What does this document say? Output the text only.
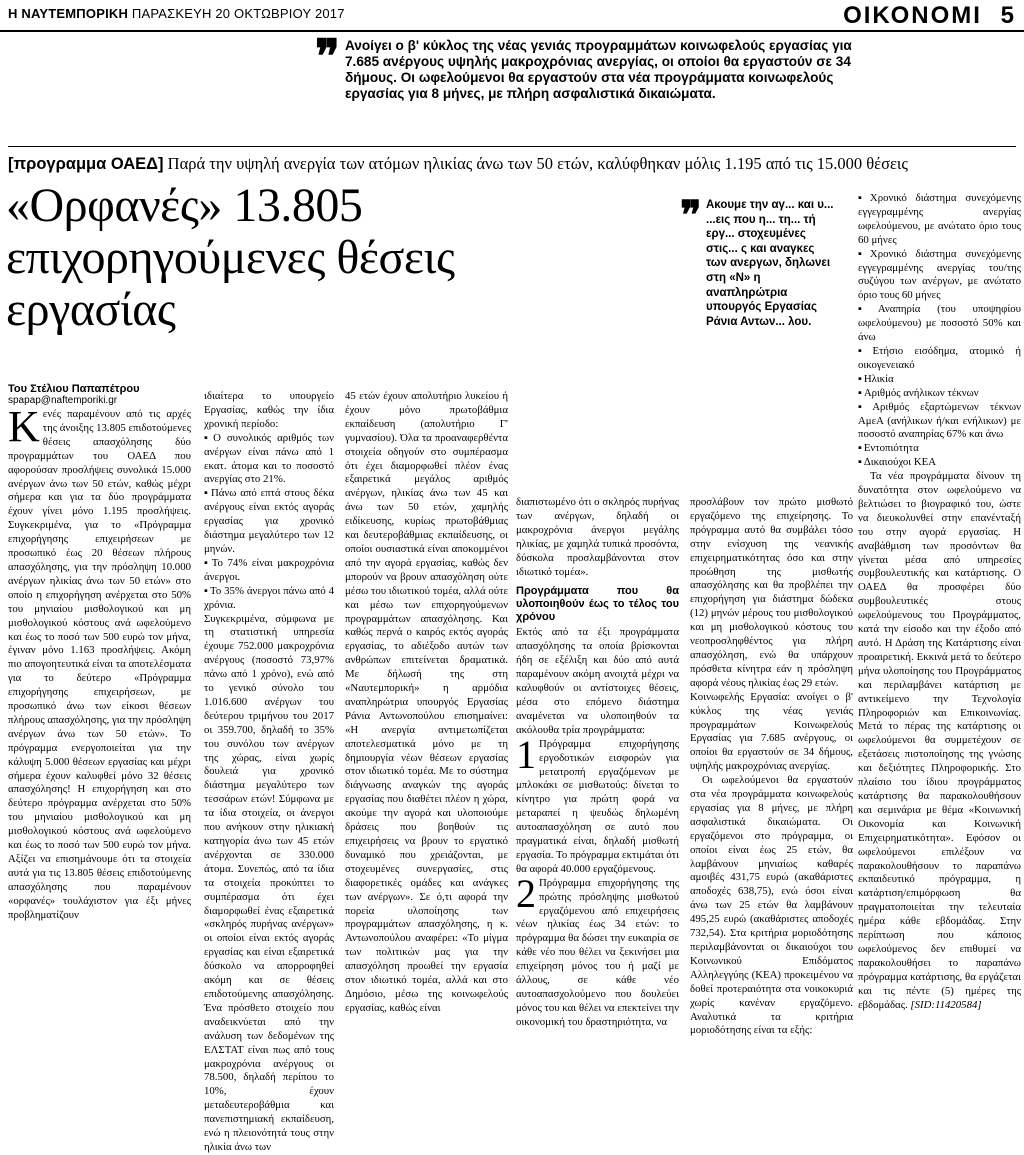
Η ΝΑΥΤΕΜΠΟΡΙΚΗ ΠΑΡΑΣΚΕΥΗ 20 ΟΚΤΩΒΡΙΟΥ 2017	ΟΙΚΟΝΟΜΙ 5
❞ Ανοίγει ο β' κύκλος της νέας γενιάς προγραμμάτων κοινωφελούς εργασίας για 7.685 ανέργους υψηλής μακροχρόνιας ανεργίας, οι οποίοι θα εργαστούν σε 34 δήμους. Οι ωφελούμενοι θα εργαστούν στα νέα προγράμματα κοινωφελούς εργασίας για 8 μήνες, με πλήρη ασφαλιστικά δικαιώματα.
[προγραμμα ΟΑΕΔ] Παρά την υψηλή ανεργία των ατόμων ηλικίας άνω των 50 ετών, καλύφθηκαν μόλις 1.195 από τις 15.000 θέσεις
«Ορφανές» 13.805 επιχορηγούμενες θέσεις εργασίας
Του Στέλιου Παπαπέτρου
spapap@naftemporiki.gr

Κ ενές παραμένουν από τις αρχές της άνοιξης 13.805 επιδοτούμενες θέσεις απασχόλησης δύο προγραμμάτων του ΟΑΕΔ που αφορούσαν προσλήψεις συνολικά 15.000 ανέργων άνω των 50 ετών, καθώς μέχρι σήμερα και για τα δύο προγράμματα έχουν γίνει μόνο 1.195 προσλήψεις. Συγκεκριμένα, για το «Πρόγραμμα επιχορήγησης επιχειρήσεων με προσωπικό έως 20 θέσεων πλήρους απασχόλησης, για την πρόσληψη 10.000 ανέργων ηλικίας άνω των 50 ετών» στο οποίο η επιχορήγηση ανέρχεται στο 50% του μηνιαίου μισθολογικού και μη μισθολογικού κόστους ανά ωφελούμενο και έως το ποσό των 500 ευρώ τον μήνα, έγιναν μόνο 1.163 προσλήψεις. Ακόμη πιο απογοητευτικά είναι τα αποτελέσματα για το δεύτερο «Πρόγραμμα επιχορήγησης επιχειρήσεων, με προσωπικό άνω των είκοσι θέσεων πλήρους απασχόλησης, για την πρόσληψη ανέργων άνω των 50 ετών». Το πρόγραμμα ενεργοποιείται για την κάλυψη 5.000 θέσεων εργασίας και μέχρι σήμερα έχουν καλυφθεί μόνο 32 θέσεις απασχόλησης! Η επιχορήγηση και στο δεύτερο πρόγραμμα ανέρχεται στο 50% του μηνιαίου μισθολογικού και μη μισθολογικού κόστους ανά ωφελούμενο και έως το ποσό των 500 ευρώ τον μήνα. Αξίζει να επισημάνουμε ότι τα στοιχεία αυτά για τις 13.805 θέσεις επιδοτούμενης απασχόλησης που παραμένουν «ορφανές» τουλάχιστον για έξι μήνες προβληματίζουν

ιδιαίτερα το υπουργείο Εργασίας, καθώς την ίδια χρονική περίοδο:

▪ Ο συνολικός αριθμός των ανέργων είναι πάνω από 1 εκατ. άτομα και το ποσοστό ανεργίας στο 21%.
▪ Πάνω από επτά στους δέκα ανέργους είναι εκτός αγοράς εργασίας για χρονικό διάστημα μεγαλύτερο των 12 μηνών.
▪ Το 74% είναι μακροχρόνια άνεργοι.
▪ Το 35% άνεργοι πάνω από 4 χρόνια.

Συγκεκριμένα, σύμφωνα με τη στατιστική υπηρεσία έχουμε 752.000 μακροχρόνια ανέργους (ποσοστό 73,97% πάνω από 1 χρόνο), ενώ από το γενικό σύνολο του 1.016.600 ανέργων του δεύτερου τριμήνου του 2017 οι 359.700, δηλαδή το 35% του συνόλου των ανέργων της χώρας, είναι χωρίς δουλειά για χρονικό διάστημα μεγαλύτερο των τεσσάρων ετών! Σύμφωνα με τα ίδια στοιχεία, οι άνεργοι που ανήκουν στην ηλικιακή κατηγορία άνω των 45 ετών ανέρχονται σε 330.000 άτομα. Συνεπώς, από τα ίδια τα στοιχεία προκύπτει το συμπέρασμα ότι έχει διαμορφωθεί ένας εξαιρετικά «σκληρός πυρήνας ανέργων» οι οποίοι είναι εκτός αγοράς εργασίας και είναι εξαιρετικά δύσκολο να απορροφηθεί ακόμη και σε θέσεις επιδοτούμενης απασχόλησης. Ένα πρόσθετο στοιχείο που αναδεικνύεται από την ανάλυση των δεδομένων της ΕΛΣΤΑΤ είναι πως από τους μακροχρόνια ανέργους οι 78.500, δηλαδή περίπου το 10%, έχουν μεταδευτεροβάθμια και πανεπιστημιακή εκπαίδευση, ενώ η πλειονότητά τους στην ηλικία άνω των

45 ετών έχουν απολυτήριο λυκείου ή έχουν μόνο πρωτοβάθμια εκπαίδευση (απολυτήριο Γ' γυμνασίου). Όλα τα προαναφερθέντα στοιχεία οδηγούν στο συμπέρασμα ότι έχει διαμορφωθεί πλέον ένας εξαιρετικά μεγάλος αριθμός ανέργων, ηλικίας άνω των 45 και άνω των 50 ετών, χαμηλής ειδίκευσης, κυρίως πρωτοβάθμιας και δευτεροβάθμιας εκπαίδευσης, οι οποίοι ουσιαστικά είναι αποκομμένοι από την αγορά εργασίας, καθώς δεν μπορούν να βρουν απασχόληση ούτε μέσω του ιδιωτικού τομέα, αλλά ούτε και μέσω των επιχορηγούμενων προγραμμάτων απασχόλησης. Και καθώς περνά ο καιρός εκτός αγοράς εργασίας, το αδιέξοδο αυτών των ανθρώπων επιτείνεται δραματικά. Με δήλωσή της στη «Ναυτεμπορική» η αρμόδια αναπληρώτρια υπουργός Εργασίας Ράνια Αντωνοπούλου επισημαίνει: «Η ανεργία αντιμετωπίζεται αποτελεσματικά μόνο με τη δημιουργία νέων θέσεων εργασίας στον ιδιωτικό τομέα. Με το σύστημα διάγνωσης αναγκών της αγοράς εργασίας που διαθέτει πλέον η χώρα, ακούμε την αγορά και υλοποιούμε δράσεις που βοηθούν τις επιχειρήσεις να βρουν το εργατικό δυναμικό που χρειάζονται, με στοχευμένες συνεργασίες, στις διαφορετικές ομάδες και ανάγκες των ανέργων». Σε ό,τι αφορά την πορεία υλοποίησης των προγραμμάτων απασχόλησης, η κ. Αντωνοπούλου αναφέρει: «Το μίγμα των πολιτικών μας για την απασχόληση προωθεί την εργασία στον ιδιωτικό τομέα, αλλά και στο Δημόσιο, μέσω της κοινωφελούς εργασίας, καθώς είναι

❞ Ακουμε την αγ... και υ... ...εις που η... τη... τή εργ... στοχευμένες στις... ς και αναγκες των ανεργων, δηλωνει στη «Ν» η αναπληρώτρια υπουργός Εργασίας Ράνια Αντων... λου.

διαπιστωμένο ότι ο σκληρός πυρήνας των ανέργων, δηλαδή οι μακροχρόνια άνεργοι μεγάλης ηλικίας, με χαμηλά τυπικά προσόντα, δύσκολα προσλαμβάνονται στον ιδιωτικό τομέα».

Προγράμματα που θα υλοποιηθούν έως το τέλος του χρόνου

Εκτός από τα έξι προγράμματα απασχόλησης τα οποία βρίσκονται ήδη σε εξέλιξη και δύο από αυτά παραμένουν ακόμη ανοιχτά μέχρι να καλυφθούν οι αντίστοιχες θέσεις, μέσα στο επόμενο διάστημα αναμένεται να υλοποιηθούν τα ακόλουθα τρία προγράμματα:

1 Πρόγραμμα επιχορήγησης εργοδοτικών εισφορών για μετατροπή εργαζόμενων με μπλοκάκι σε μισθωτούς: δίνεται το κίνητρο για πρώτη φορά να μεταραπεί η ψευδώς δηλωμένη αυτοαπασχόληση σε αυτό που πραγματικά είναι, δηλαδή μισθωτή εργασία. Το πρόγραμμα εκτιμάται ότι θα αφορά 40.000 εργαζόμενους.

2 Πρόγραμμα επιχορήγησης της πρώτης πρόσληψης μισθωτού εργαζόμενου από επιχειρήσεις νέων ηλικίας έως 34 ετών: το πρόγραμμα θα δώσει την ευκαιρία σε κάθε νέο που θέλει να ξεκινήσει μια επιχείρηση μόνος του ή μαζί με άλλους, σε κάθε νέο αυτοαπασχολούμενο που δουλεύει μόνος του και θέλει να επεκτείνει την οικονομική του δραστηριότητα, να

προσλάβουν τον πρώτο μισθωτό εργαζόμενο της επιχείρησης. Το πρόγραμμα αυτό θα συμβάλει τόσο στην ενίσχυση της νεανικής επιχειρηματικότητας όσο και στην προώθηση της μισθωτής απασχόλησης και θα προβλέπει την επιχορήγηση για διάστημα δώδεκα (12) μηνών μέρους του μισθολογικού και μη μισθολογικού κόστους του νεοπροσληφθέντος για πλήρη απασχόληση, ενώ θα υπάρχουν πρόσθετα κίνητρα εάν η πρόσληψη αφορά νέους ηλικίας έως 29 ετών.

Κοινωφελής Εργασία: ανοίγει ο β' κύκλος της νέας γενιάς προγραμμάτων Κοινωφελούς Εργασίας για 7.685 ανέργους, οι οποίοι θα εργαστούν σε 34 δήμους, υψηλής μακροχρόνιας ανεργίας.

Οι ωφελούμενοι θα εργαστούν στα νέα προγράμματα κοινωφελούς εργασίας για 8 μήνες, με πλήρη ασφαλιστικά δικαιώματα. Οι εργαζόμενοι στο πρόγραμμα, οι οποίοι είναι έως 25 ετών, θα λαμβάνουν μηνιαίως καθαρές αμοιβές 431,75 ευρώ (ακαθάριστες αποδοχές 638,75), ενώ όσοι είναι άνω των 25 ετών θα λαμβάνουν 495,25 ευρώ (ακαθάριστες αποδοχές 732,54). Στα κριτήρια μοριοδότησης περιλαμβάνονται οι δικαιούχοι του Κοινωνικού Επιδόματος Αλληλεγγύης (ΚΕΑ) προκειμένου να δοθεί προτεραιότητα στα νοικοκυριά χωρίς κανέναν εργαζόμενο. Αναλυτικά τα κριτήρια μοριοδότησης είναι τα εξής:

▪ Χρονικό διάστημα συνεχόμενης εγγεγραμμένης ανεργίας ωφελούμενου, με ανώτατο όριο τους 60 μήνες
▪ Χρονικό διάστημα συνεχόμενης εγγεγραμμένης ανεργίας του/της συζύγου των ανέργων, με ανώτατο όριο τους 60 μήνες
▪ Αναπηρία (του υποψηφίου ωφελούμενου) με ποσοστό 50% και άνω
▪ Ετήσιο εισόδημα, ατομικό ή οικογενειακό
▪ Ηλικία
▪ Αριθμός ανήλικων τέκνων
▪ Αριθμός εξαρτώμενων τέκνων ΑμεΑ (ανήλικων ή/και ενήλικων) με ποσοστό αναπηρίας 67% και άνω
▪ Εντοπιότητα
▪ Δικαιούχοι ΚΕΑ

Τα νέα προγράμματα δίνουν τη δυνατότητα στον ωφελούμενο να βελτιώσει το βιογραφικό του, ώστε να διευκολυνθεί στην επανένταξή του στην αγορά εργασίας. Η αναβάθμιση των προσόντων θα γίνεται μέσα από υπηρεσίες συμβουλευτικής και κατάρτισης. Ο ΟΑΕΔ θα προσφέρει δύο συμβουλευτικές στους ωφελούμενους του Προγράμματος, κατά την είσοδο και την έξοδο από αυτό. Η Δράση της Κατάρτισης είναι προαιρετική. Εκκινά μετά το δεύτερο μήνα υλοποίησης του Προγράμματος και περιλαμβάνει κατάρτιση με αντικείμενο την Τεχνολογία Πληροφοριών και Επικοινωνίας. Μετά το πέρας της κατάρτισης οι ωφελούμενοι θα συμμετέχουν σε εξετάσεις πιστοποίησης της γνώσης και δεξιότητες Πληροφορικής. Στο πλαίσιο του ίδιου προγράμματος κατάρτισης θα παρακολουθήσουν και σεμινάρια με θέμα «Κοινωνική Οικονομία και Κοινωνική Επιχειρηματικότητα». Εφόσον οι ωφελούμενοι επιλέξουν να παρακολουθήσουν το παραπάνω εκπαιδευτικό πρόγραμμα, η κατάρτιση/επιμόρφωση θα πραγματοποιείται την τελευταία ημέρα κάθε εβδομάδας. Στην περίπτωση που κάποιος ωφελούμενος δεν επιθυμεί να παρακολουθήσει το παραπάνω πρόγραμμα κατάρτισης, θα εργάζεται και τις πέντε (5) ημέρες της εβδομάδας. [SID:11420584]
